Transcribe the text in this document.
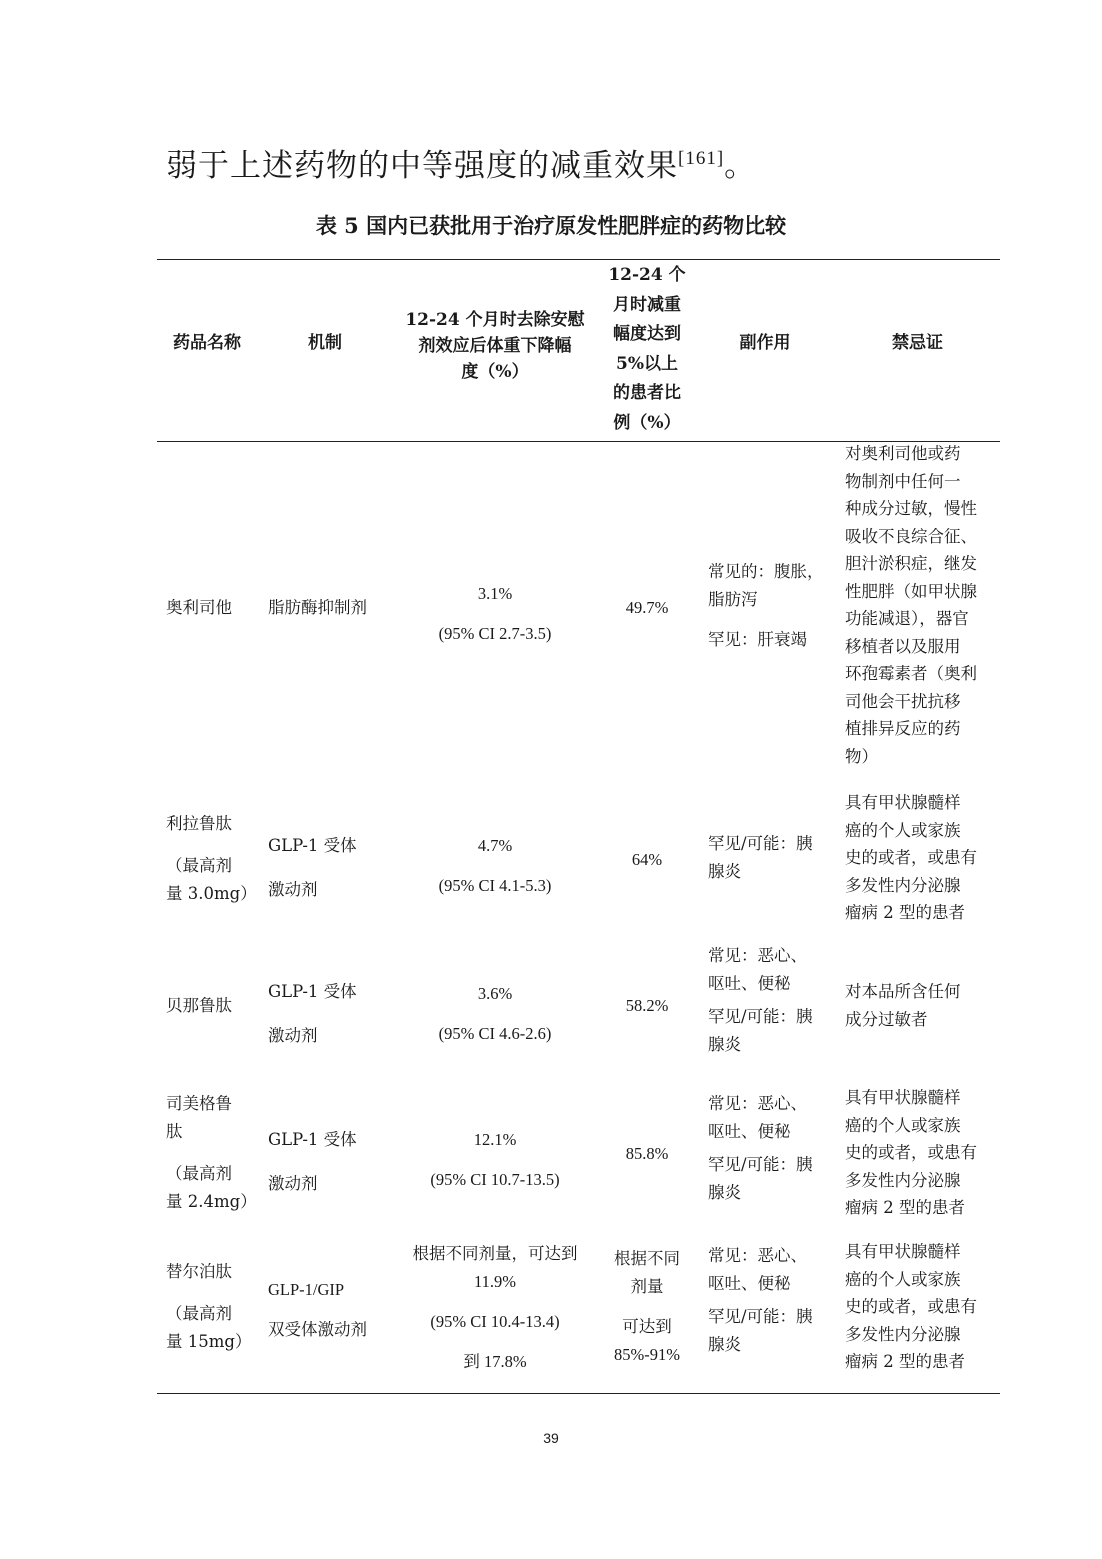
弱于上述药物的中等强度的减重效果[161]。
表 5 国内已获批用于治疗原发性肥胖症的药物比较
药品名称	机制
12-24 个月时去除安慰
剂效应后体重下降幅
度（%）
12-24 个
月时减重
幅度达到
5%以上
的患者比
例（%）
副作用	禁忌证
奥利司他 脂肪酶抑制剂
3.1%
(95% CI 2.7-3.5)
49.7%
常见的：腹胀，
脂肪泻
罕见：肝衰竭
对奥利司他或药
物制剂中任何一
种成分过敏，慢性
吸收不良综合征、
胆汁淤积症，继发
性肥胖（如甲状腺
功能减退），器官
移植者以及服用
环孢霉素者（奥利
司他会干扰抗移
植排异反应的药
物）
利拉鲁肽
（最高剂
量 3.0mg）
GLP-1 受体
激动剂
4.7%
(95% CI 4.1-5.3)
64%
罕见/可能：胰
腺炎
具有甲状腺髓样
癌的个人或家族
史的或者，或患有
多发性内分泌腺
瘤病 2 型的患者
贝那鲁肽
GLP-1 受体
激动剂
3.6%
(95% CI 4.6-2.6)
58.2%
常见：恶心、
呕吐、便秘
罕见/可能：胰
腺炎
对本品所含任何
成分过敏者
司美格鲁
肽
（最高剂
量 2.4mg）
GLP-1 受体
激动剂
12.1%
(95% CI 10.7-13.5)
85.8%
常见：恶心、
呕吐、便秘
罕见/可能：胰
腺炎
具有甲状腺髓样
癌的个人或家族
史的或者，或患有
多发性内分泌腺
瘤病 2 型的患者
替尔泊肽
（最高剂
量 15mg）
GLP-1/GIP
双受体激动剂
根据不同剂量，可达到
11.9%
(95% CI 10.4-13.4)
到 17.8%
根据不同
剂量
可达到
85%-91%
常见：恶心、
呕吐、便秘
罕见/可能：胰
腺炎
具有甲状腺髓样
癌的个人或家族
史的或者，或患有
多发性内分泌腺
瘤病 2 型的患者
39
